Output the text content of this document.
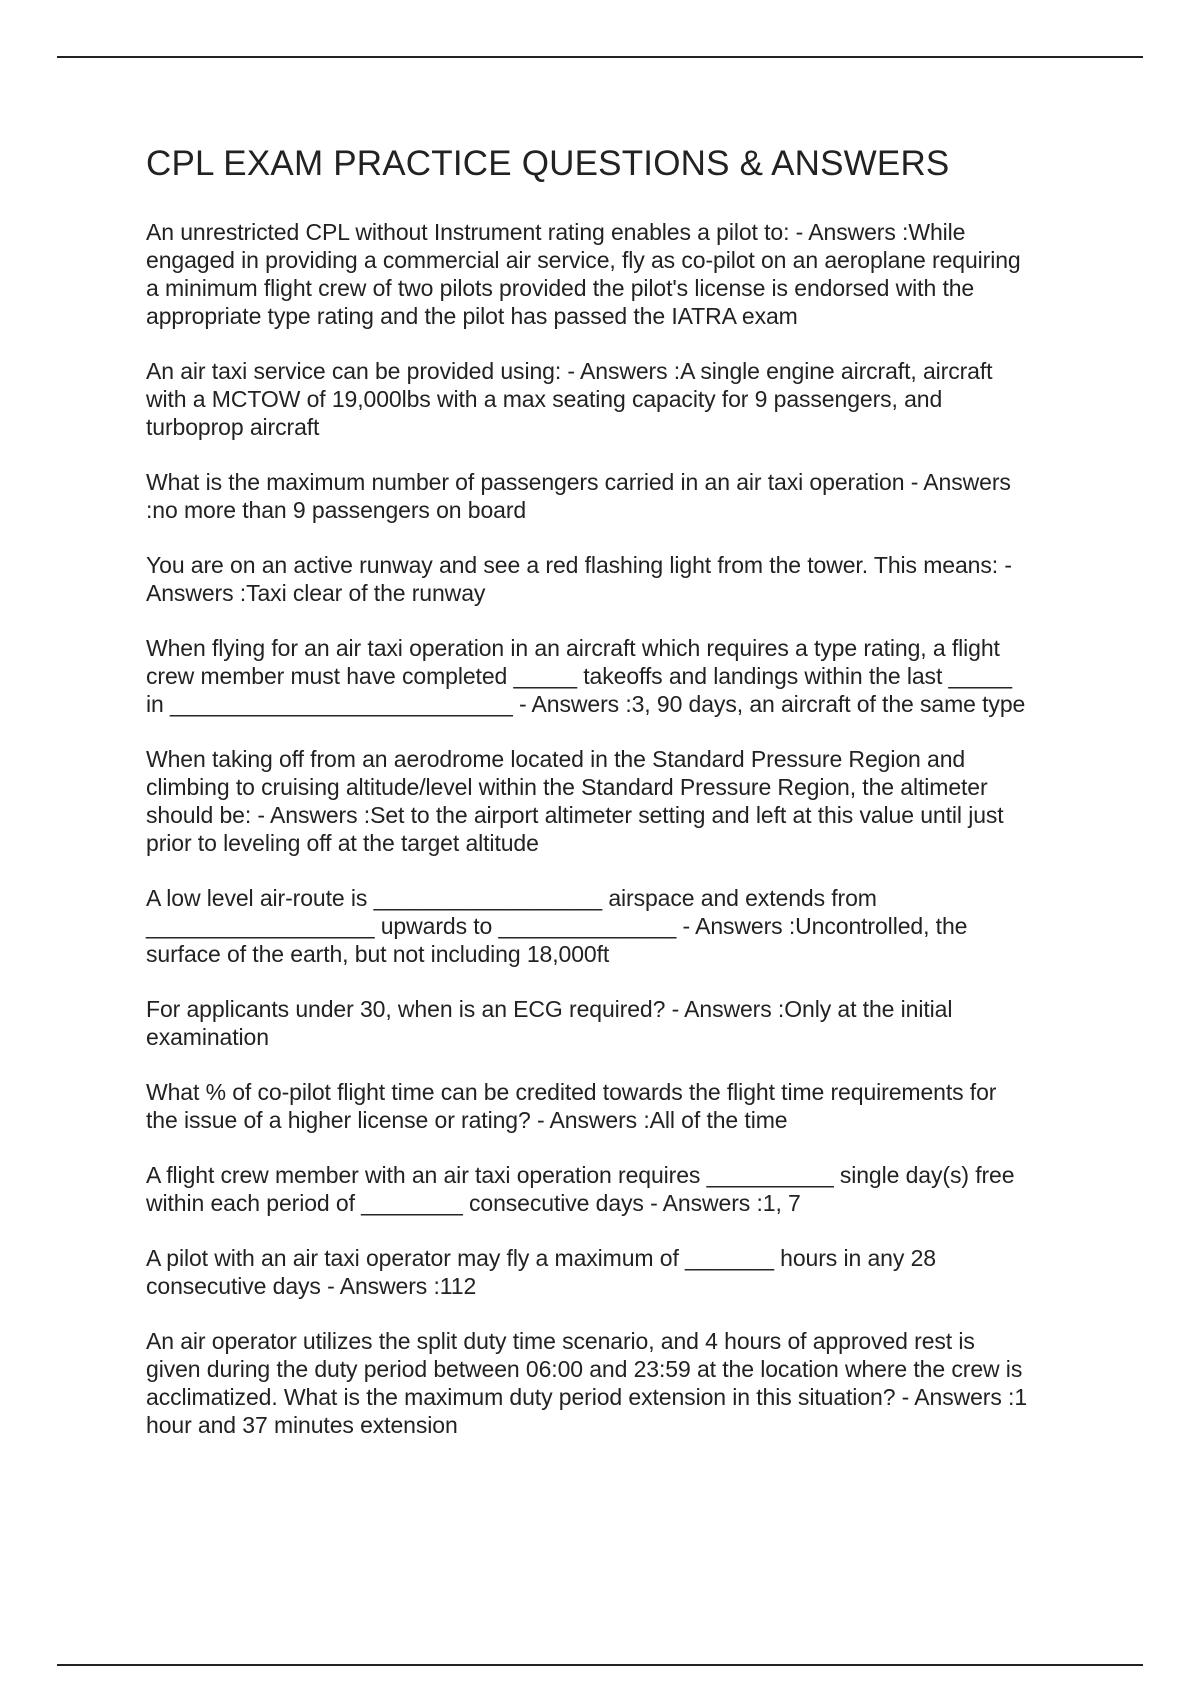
CPL EXAM PRACTICE QUESTIONS & ANSWERS

An unrestricted CPL without Instrument rating enables a pilot to: - Answers :While
engaged in providing a commercial air service, fly as co-pilot on an aeroplane requiring
a minimum flight crew of two pilots provided the pilot's license is endorsed with the
appropriate type rating and the pilot has passed the IATRA exam

An air taxi service can be provided using: - Answers :A single engine aircraft, aircraft
with a MCTOW of 19,000lbs with a max seating capacity for 9 passengers, and
turboprop aircraft

What is the maximum number of passengers carried in an air taxi operation - Answers
:no more than 9 passengers on board

You are on an active runway and see a red flashing light from the tower. This means: -
Answers :Taxi clear of the runway

When flying for an air taxi operation in an aircraft which requires a type rating, a flight
crew member must have completed _____ takeoffs and landings within the last _____
in ___________________________ - Answers :3, 90 days, an aircraft of the same type

When taking off from an aerodrome located in the Standard Pressure Region and
climbing to cruising altitude/level within the Standard Pressure Region, the altimeter
should be: - Answers :Set to the airport altimeter setting and left at this value until just
prior to leveling off at the target altitude

A low level air-route is __________________ airspace and extends from
__________________ upwards to ______________ - Answers :Uncontrolled, the
surface of the earth, but not including 18,000ft

For applicants under 30, when is an ECG required? - Answers :Only at the initial
examination

What % of co-pilot flight time can be credited towards the flight time requirements for
the issue of a higher license or rating? - Answers :All of the time

A flight crew member with an air taxi operation requires __________ single day(s) free
within each period of ________ consecutive days - Answers :1, 7

A pilot with an air taxi operator may fly a maximum of _______ hours in any 28
consecutive days - Answers :112

An air operator utilizes the split duty time scenario, and 4 hours of approved rest is
given during the duty period between 06:00 and 23:59 at the location where the crew is
acclimatized. What is the maximum duty period extension in this situation? - Answers :1
hour and 37 minutes extension
